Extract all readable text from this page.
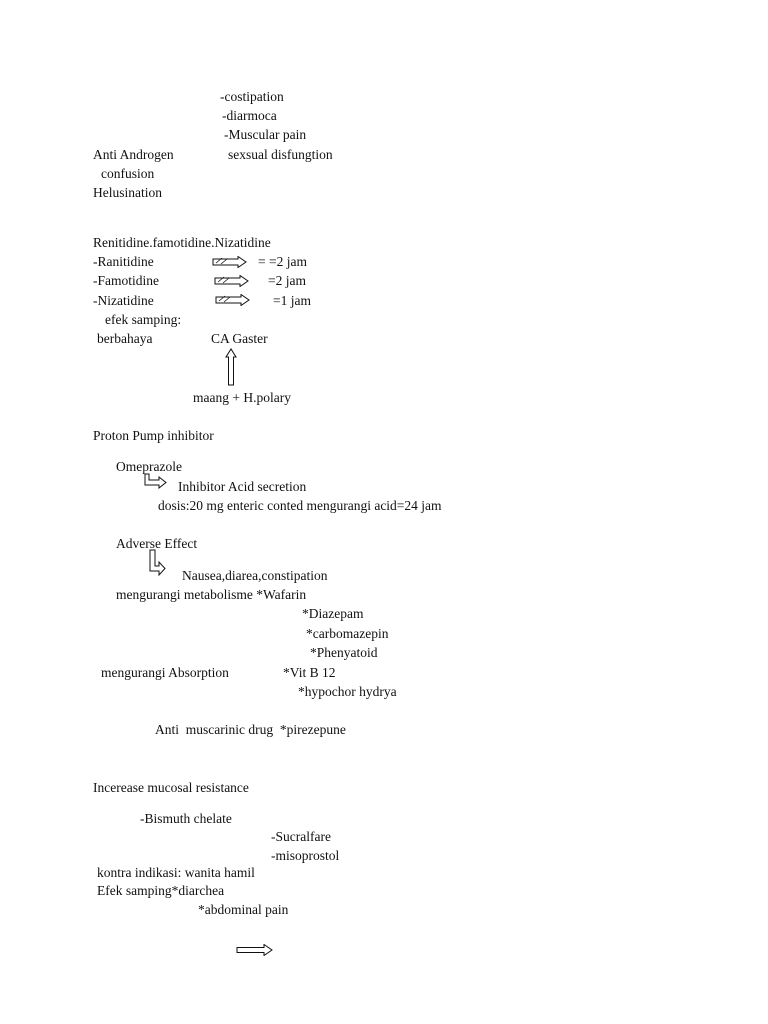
-costipation
-diarmoca
-Muscular pain
Anti Androgen	sexsual disfungtion
confusion
Helusination
Renitidine.famotidine.Nizatidine
-Ranitidine	= =2 jam
-Famotidine	=2 jam
-Nizatidine	=1 jam
efek samping:
berbahaya	CA Gaster
maang + H.polary
Proton Pump inhibitor
Omeprazole
Inhibitor Acid secretion
dosis:20 mg enteric conted mengurangi acid=24 jam
Adverse Effect
Nausea,diarea,constipation
mengurangi metabolisme *Wafarin
*Diazepam
*carbomazepin
*Phenyatoid
mengurangi Absorption	*Vit B 12
*hypochor hydrya
Anti  muscarinic drug  *pirezepune
Incerease mucosal resistance
-Bismuth chelate
-Sucralfare
-misoprostol
kontra indikasi: wanita hamil
Efek samping*diarchea
*abdominal pain
